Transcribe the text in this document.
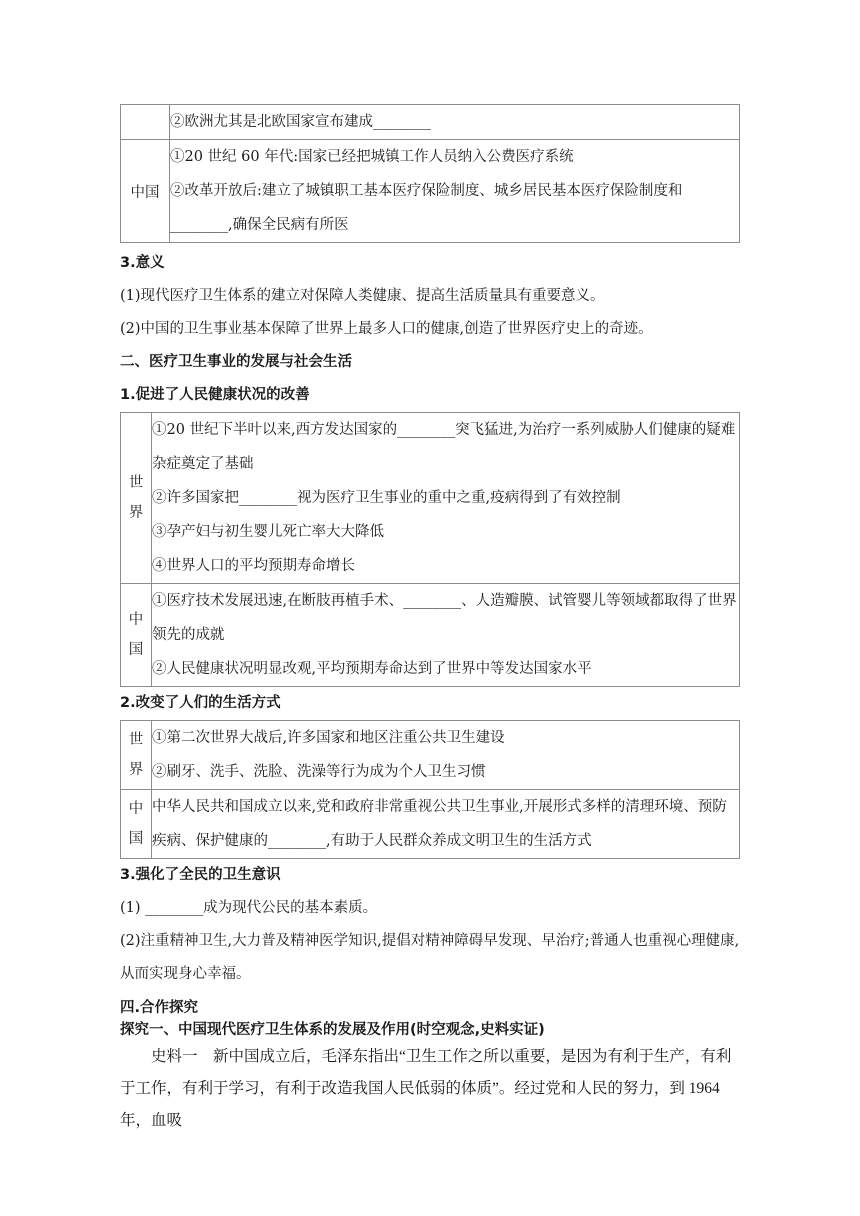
	②欧洲尤其是北欧国家宣布建成________

中国	①20 世纪 60 年代:国家已经把城镇工作人员纳入公费医疗系统
②改革开放后:建立了城镇职工基本医疗保险制度、城乡居民基本医疗保险制度和
________,确保全民病有所医

3.意义

(1)现代医疗卫生体系的建立对保障人类健康、提高生活质量具有重要意义。

(2)中国的卫生事业基本保障了世界上最多人口的健康,创造了世界医疗史上的奇迹。

二、医疗卫生事业的发展与社会生活

1.促进了人民健康状况的改善

世
界	①20 世纪下半叶以来,西方发达国家的________突飞猛进,为治疗一系列威胁人们健康的疑难杂症奠定了基础
②许多国家把________视为医疗卫生事业的重中之重,疫病得到了有效控制
③孕产妇与初生婴儿死亡率大大降低
④世界人口的平均预期寿命增长

中
国	①医疗技术发展迅速,在断肢再植手术、________、人造瓣膜、试管婴儿等领域都取得了世界领先的成就
②人民健康状况明显改观,平均预期寿命达到了世界中等发达国家水平

2.改变了人们的生活方式

世
界	①第二次世界大战后,许多国家和地区注重公共卫生建设
②刷牙、洗手、洗脸、洗澡等行为成为个人卫生习惯

中
国	中华人民共和国成立以来,党和政府非常重视公共卫生事业,开展形式多样的清理环境、预防疾病、保护健康的________,有助于人民群众养成文明卫生的生活方式

3.强化了全民的卫生意识

(1) ________成为现代公民的基本素质。

(2)注重精神卫生,大力普及精神医学知识,提倡对精神障碍早发现、早治疗;普通人也重视心理健康,从而实现身心幸福。

四.合作探究

探究一、中国现代医疗卫生体系的发展及作用(时空观念,史料实证)

史料一　新中国成立后，毛泽东指出“卫生工作之所以重要，是因为有利于生产，有利于工作，有利于学习，有利于改造我国人民低弱的体质”。经过党和人民的努力，到 1964 年，血吸
